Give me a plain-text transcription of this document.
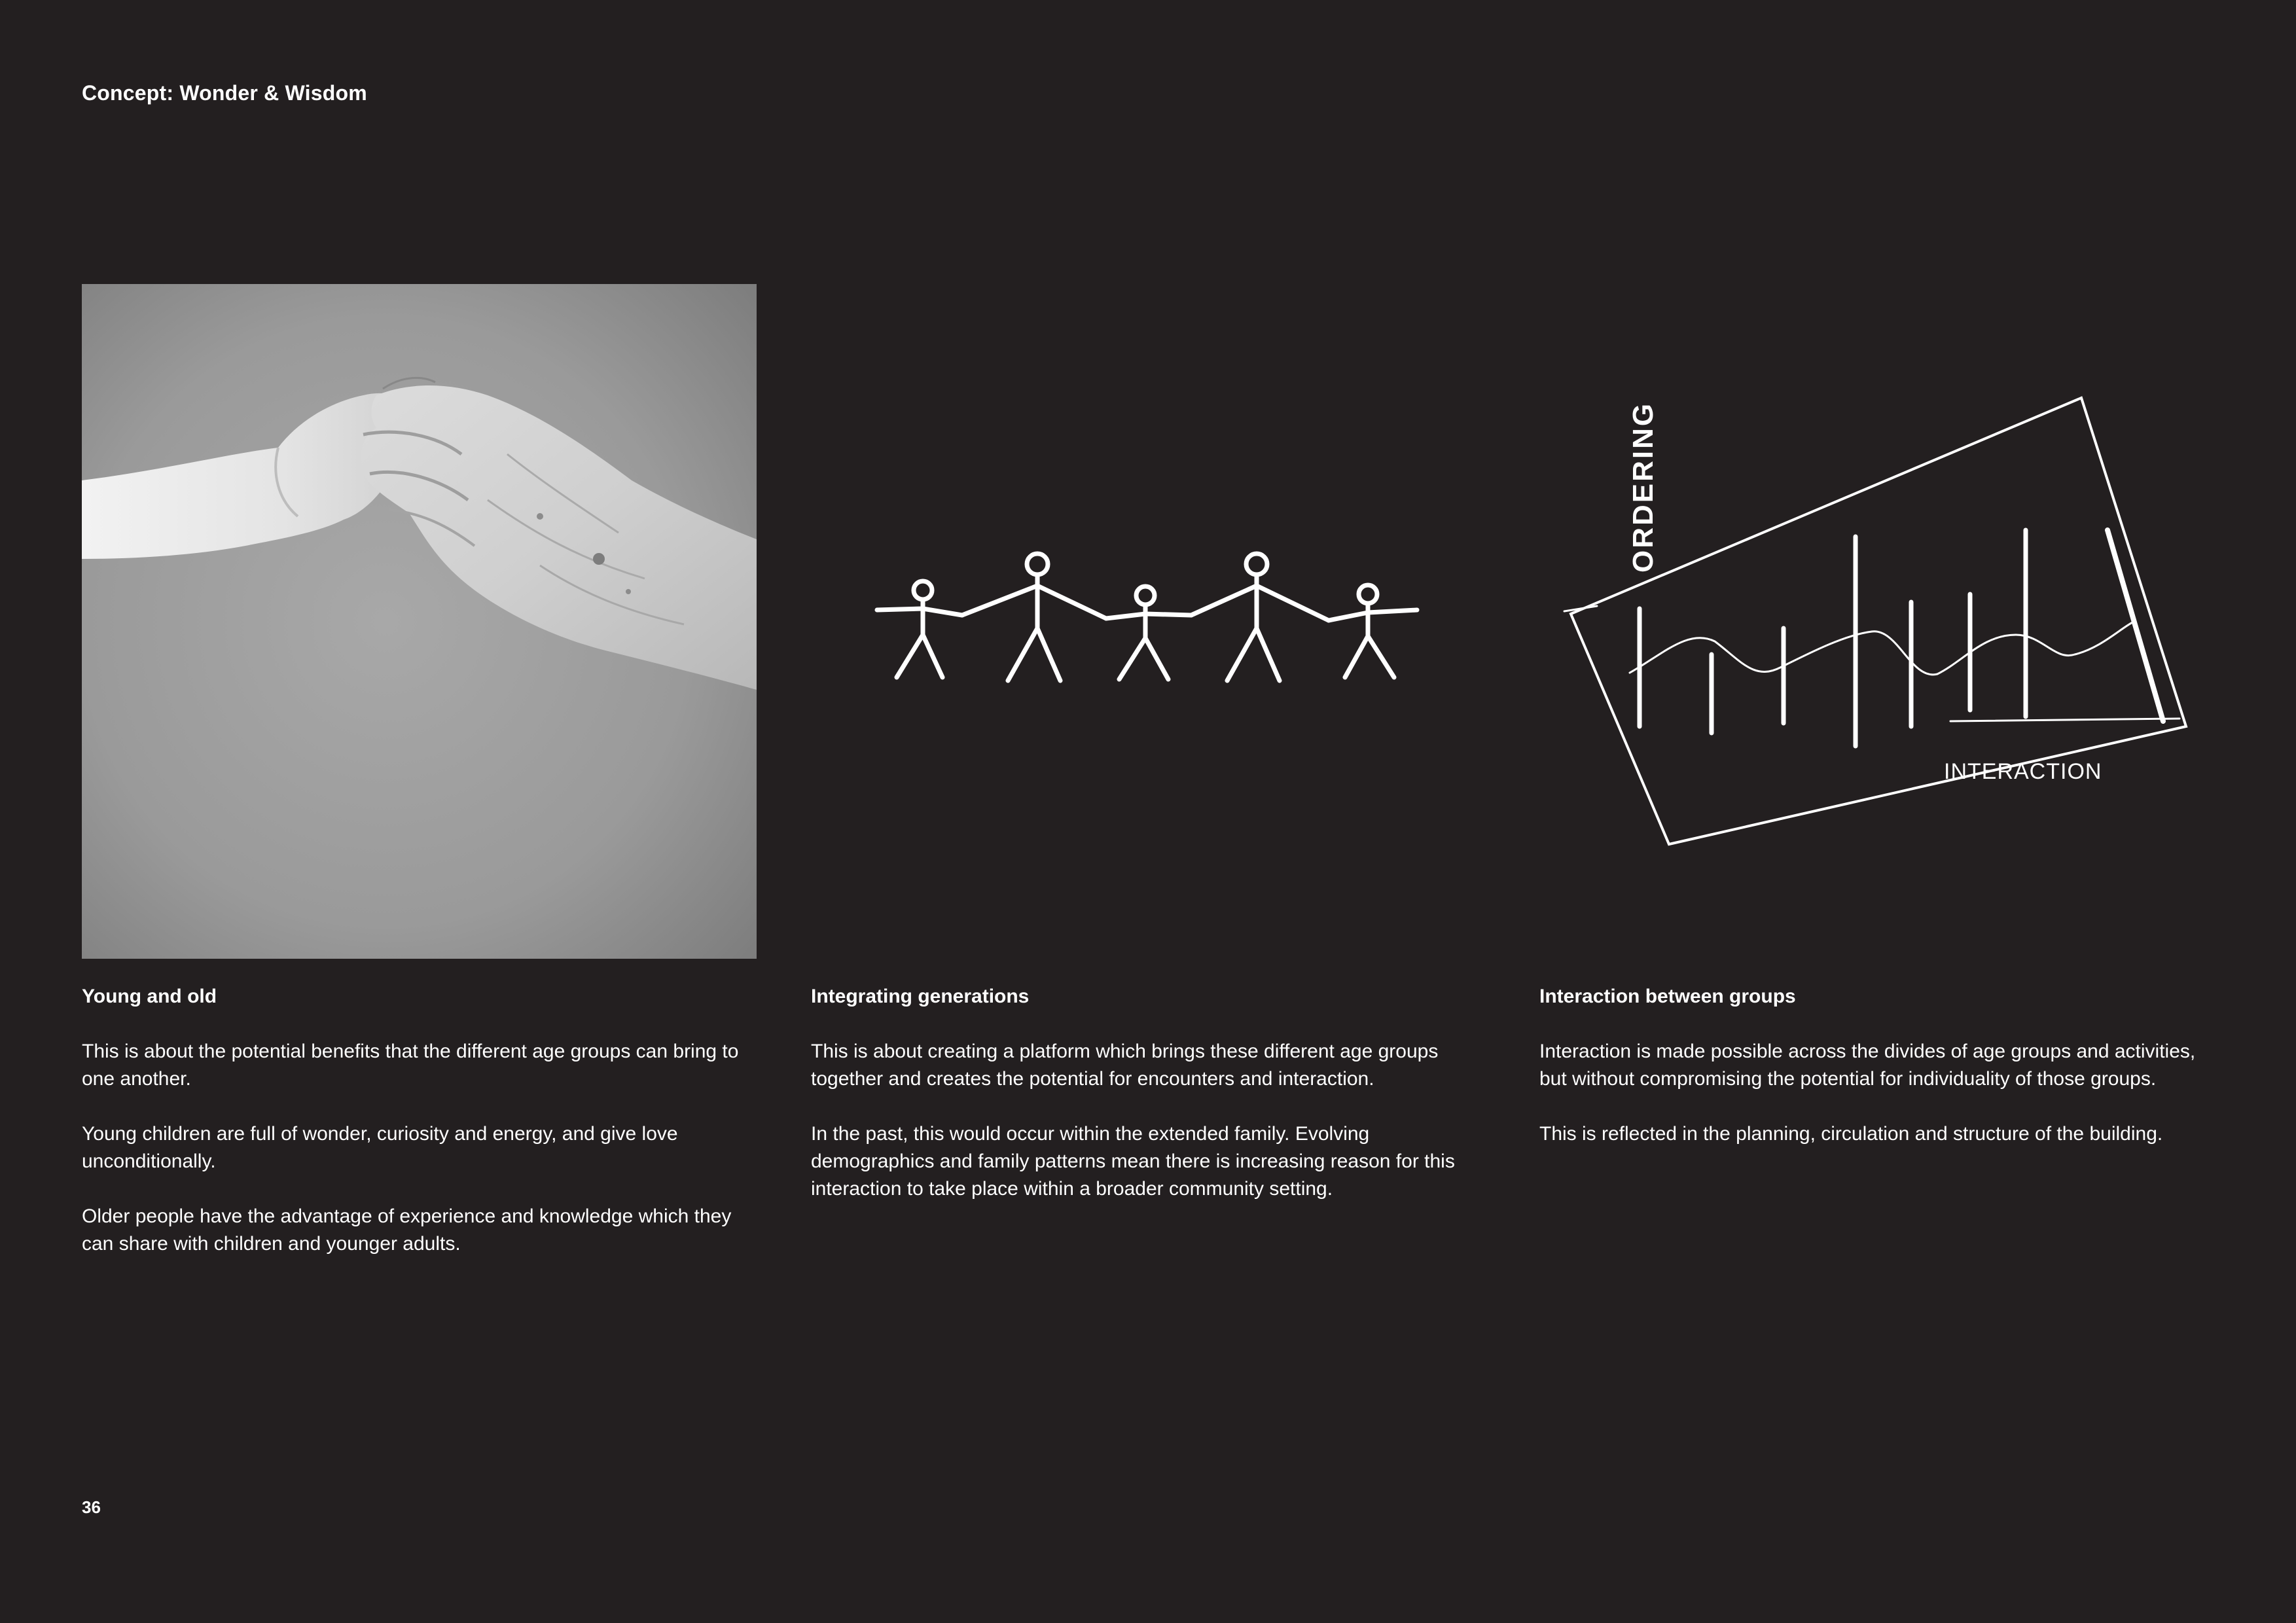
Concept: Wonder & Wisdom
ORDERING
INTERACTION
Young and old

This is about the potential benefits that the different age groups can bring to one another.

Young children are full of wonder, curiosity and energy, and give love unconditionally.

Older people have the advantage of experience and knowledge which they can share with children and younger adults.

Integrating generations

This is about creating a platform which brings these different age groups together and creates the potential for encounters and interaction.

In the past, this would occur within the extended family. Evolving demographics and family patterns mean there is increasing reason for this interaction to take place within a broader community setting.

Interaction between groups

Interaction is made possible across the divides of age groups and activities, but without compromising the potential for individuality of those groups.

This is reflected in the planning, circulation and structure of the building.

36
